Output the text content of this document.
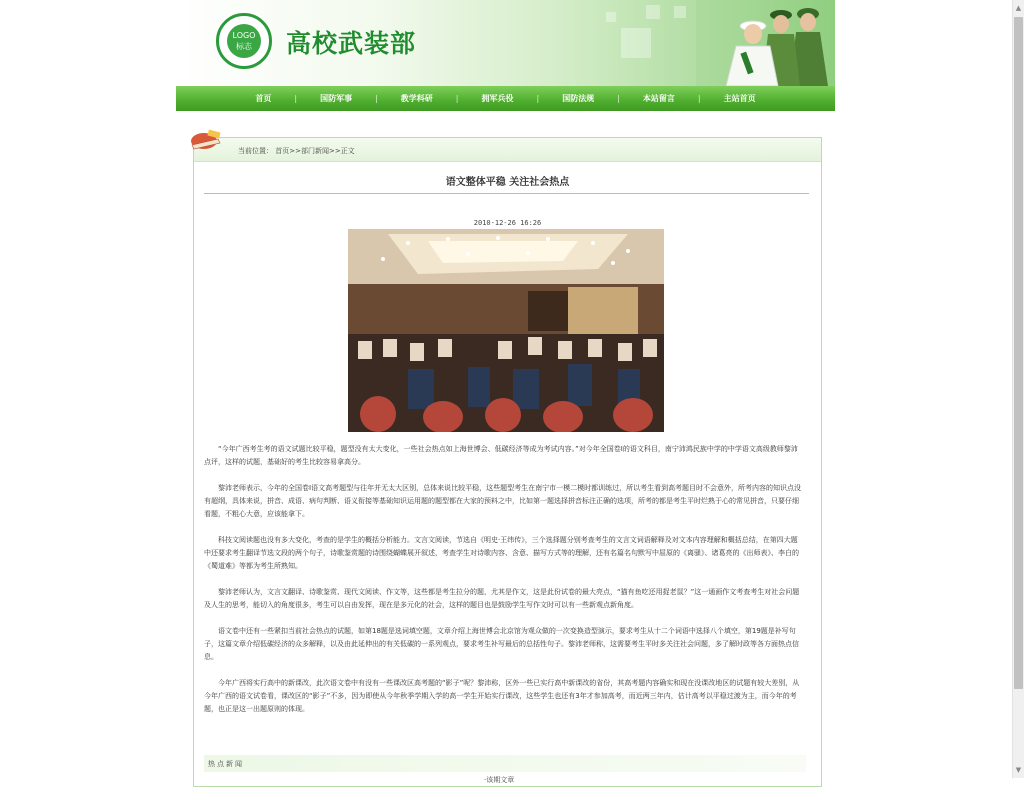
LOGO
标志	高校武装部
首页	|	国防军事	|	教学科研	|	拥军兵役	|	国防法规	|	本站留言	|	主站首页
当前位置： 首页>>部门新闻>>正文
语文整体平稳 关注社会热点
2010-12-26 16:26

“今年广西考生考的语文试题比较平稳，题型没有太大变化，一些社会热点如上海世博会、低碳经济等成为考试内容。”对今年全国卷Ⅰ的语文科目，南宁沛鸿民族中学的中学语文高级教师黎沛点评，这样的试题，基础好的考生比较容易拿高分。

黎沛老师表示，今年的全国卷Ⅰ语文高考题型与往年并无太大区别，总体来说比较平稳，这些题型考生在南宁市一模二模时都训练过，所以考生看到高考题目时不会意外，所考内容的知识点没有超纲，具体来说，拼音、成语、病句判断、语义衔接等基础知识运用题的题型都在大家的预料之中，比如第一题选择拼音标注正确的选项，所考的都是考生平时烂熟于心的常见拼音，只要仔细看题，不粗心大意，应该能拿下。

科技文阅读题也没有多大变化，考查的是学生的概括分析能力。文言文阅读，节选自《明史·王纬传》，三个选择题分别考查考生的文言文词语解释及对文本内容理解和概括总结，在第四大题中还要求考生翻译节选文段的两个句子，诗歌鉴赏题的诗围绕蝴蝶展开叙述，考查学生对诗歌内容、含意、描写方式等的理解，还有名篇名句默写中屈原的《离骚》、诸葛亮的《出师表》、李白的《蜀道难》等都为考生所熟知。

黎沛老师认为，文言文翻译、诗歌鉴赏、现代文阅读、作文等，这些都是考生拉分的题，尤其是作文，这是此份试卷的最大亮点，“猫有鱼吃还用捉老鼠？”这一通画作文考查考生对社会问题及人生的思考，能切入的角度很多，考生可以自由发挥，现在是多元化的社会，这样的题目也是鼓励学生写作文时可以有一些新观点新角度。

语文卷中还有一些紧扣当前社会热点的试题，如第18题是选词填空题，文章介绍上海世博会北京馆为观众做的一次变换造型演示，要求考生从十二个词语中选择八个填空，第19题是补写句子，这篇文章介绍低碳经济的众多解释，以及由此延伸出的有关低碳的一系列观点，要求考生补写最后的总括性句子。黎沛老师称，这需要考生平时多关注社会问题，多了解时政等各方面热点信息。

今年广西将实行高中的新课改，此次语文卷中有没有一些课改区高考题的“影子”呢？黎沛称，区外一些已实行高中新课改的省份，其高考题内容确实和现在没课改地区的试题有较大差别，从今年广西的语文试卷看，课改区的“影子”不多，因为即使从今年秋季学期入学的高一学生开始实行课改，这些学生也还有3年才参加高考，而近两三年内，估计高考以平稳过渡为主，而今年的考题，也正是这一出题原则的体现。

热点新闻
·该期文章
▲
▼
